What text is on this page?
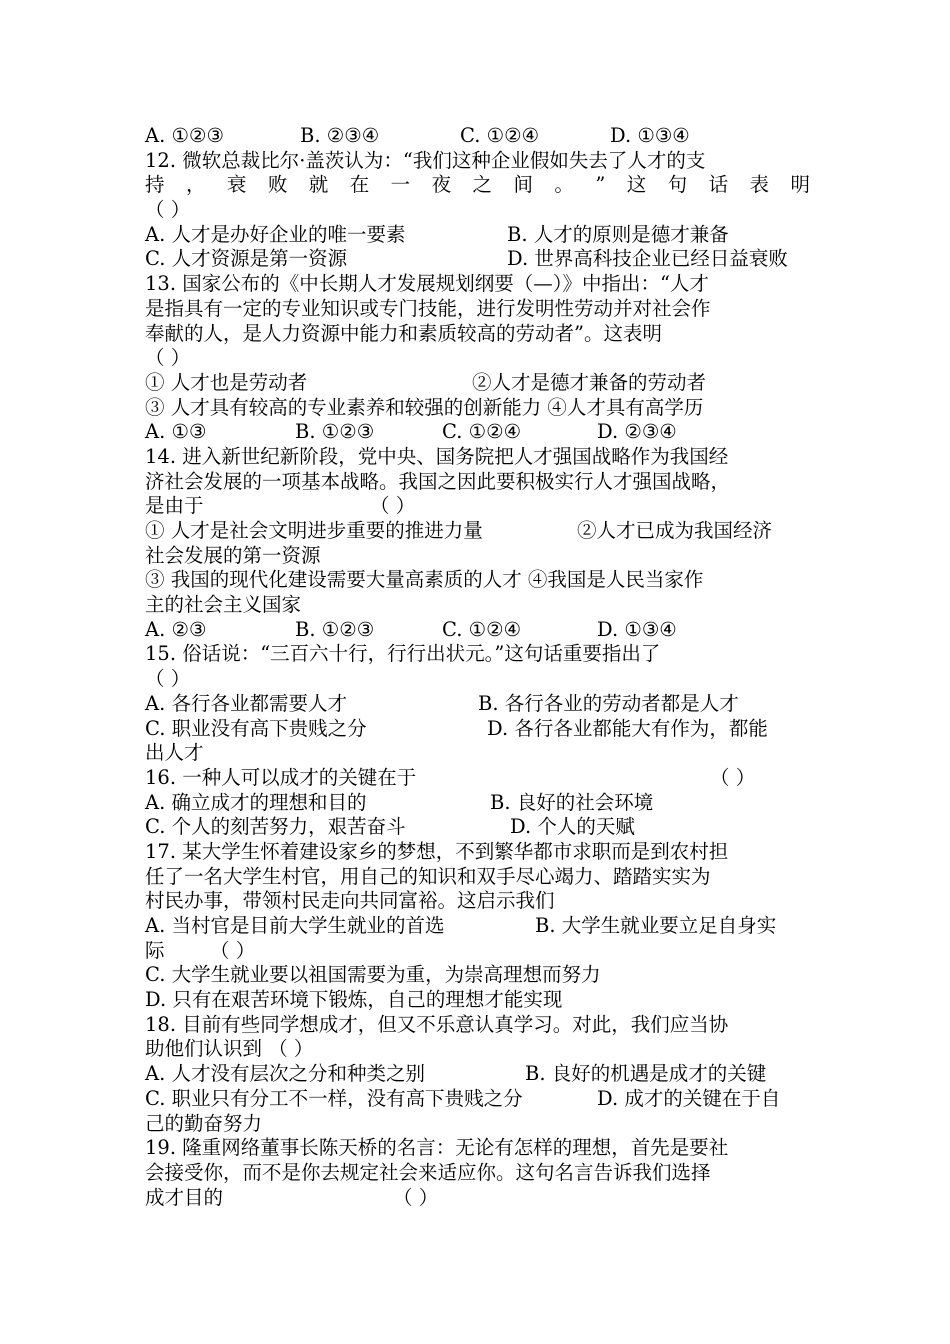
A. ①②③	B. ②③④	C. ①②④	D. ①③④
12. 微软总裁比尔·盖茨认为：“我们这种企业假如失去了人才的支
持 ， 衰 败 就 在 一 夜 之 间 。 ” 这 句 话 表 明
（ ）
A. 人才是办好企业的唯一要素	B. 人才的原则是德才兼备
C. 人才资源是第一资源	D. 世界高科技企业已经日益衰败
13. 国家公布的《中长期人才发展规划纲要（—）》中指出：“人才
是指具有一定的专业知识或专门技能，进行发明性劳动并对社会作
奉献的人，是人力资源中能力和素质较高的劳动者”。这表明
（ ）
① 人才也是劳动者	②人才是德才兼备的劳动者
③ 人才具有较高的专业素养和较强的创新能力 ④人才具有高学历
A. ①③	B. ①②③	C. ①②④	D. ②③④
14. 进入新世纪新阶段，党中央、国务院把人才强国战略作为我国经
济社会发展的一项基本战略。我国之因此要积极实行人才强国战略，
是由于	（ ）
① 人才是社会文明进步重要的推进力量	②人才已成为我国经济
社会发展的第一资源
③ 我国的现代化建设需要大量高素质的人才 ④我国是人民当家作
主的社会主义国家
A. ②③	B. ①②③	C. ①②④	D. ①③④
15. 俗话说：“三百六十行，行行出状元。”这句话重要指出了
（ ）
A. 各行各业都需要人才	B. 各行各业的劳动者都是人才
C. 职业没有高下贵贱之分	D. 各行各业都能大有作为，都能
出人才
16. 一种人可以成才的关键在于	（ ）
A. 确立成才的理想和目的	B. 良好的社会环境
C. 个人的刻苦努力，艰苦奋斗	D. 个人的天赋
17. 某大学生怀着建设家乡的梦想，不到繁华都市求职而是到农村担
任了一名大学生村官，用自己的知识和双手尽心竭力、踏踏实实为
村民办事，带领村民走向共同富裕。这启示我们
A. 当村官是目前大学生就业的首选	B. 大学生就业要立足自身实
际 （ ）
C. 大学生就业要以祖国需要为重，为崇高理想而努力
D. 只有在艰苦环境下锻炼，自己的理想才能实现
18. 目前有些同学想成才，但又不乐意认真学习。对此，我们应当协
助他们认识到 （ ）
A. 人才没有层次之分和种类之别	B. 良好的机遇是成才的关键
C. 职业只有分工不一样，没有高下贵贱之分	D. 成才的关键在于自
己的勤奋努力
19. 隆重网络董事长陈天桥的名言：无论有怎样的理想，首先是要社
会接受你，而不是你去规定社会来适应你。这句名言告诉我们选择
成才目的	（ ）
